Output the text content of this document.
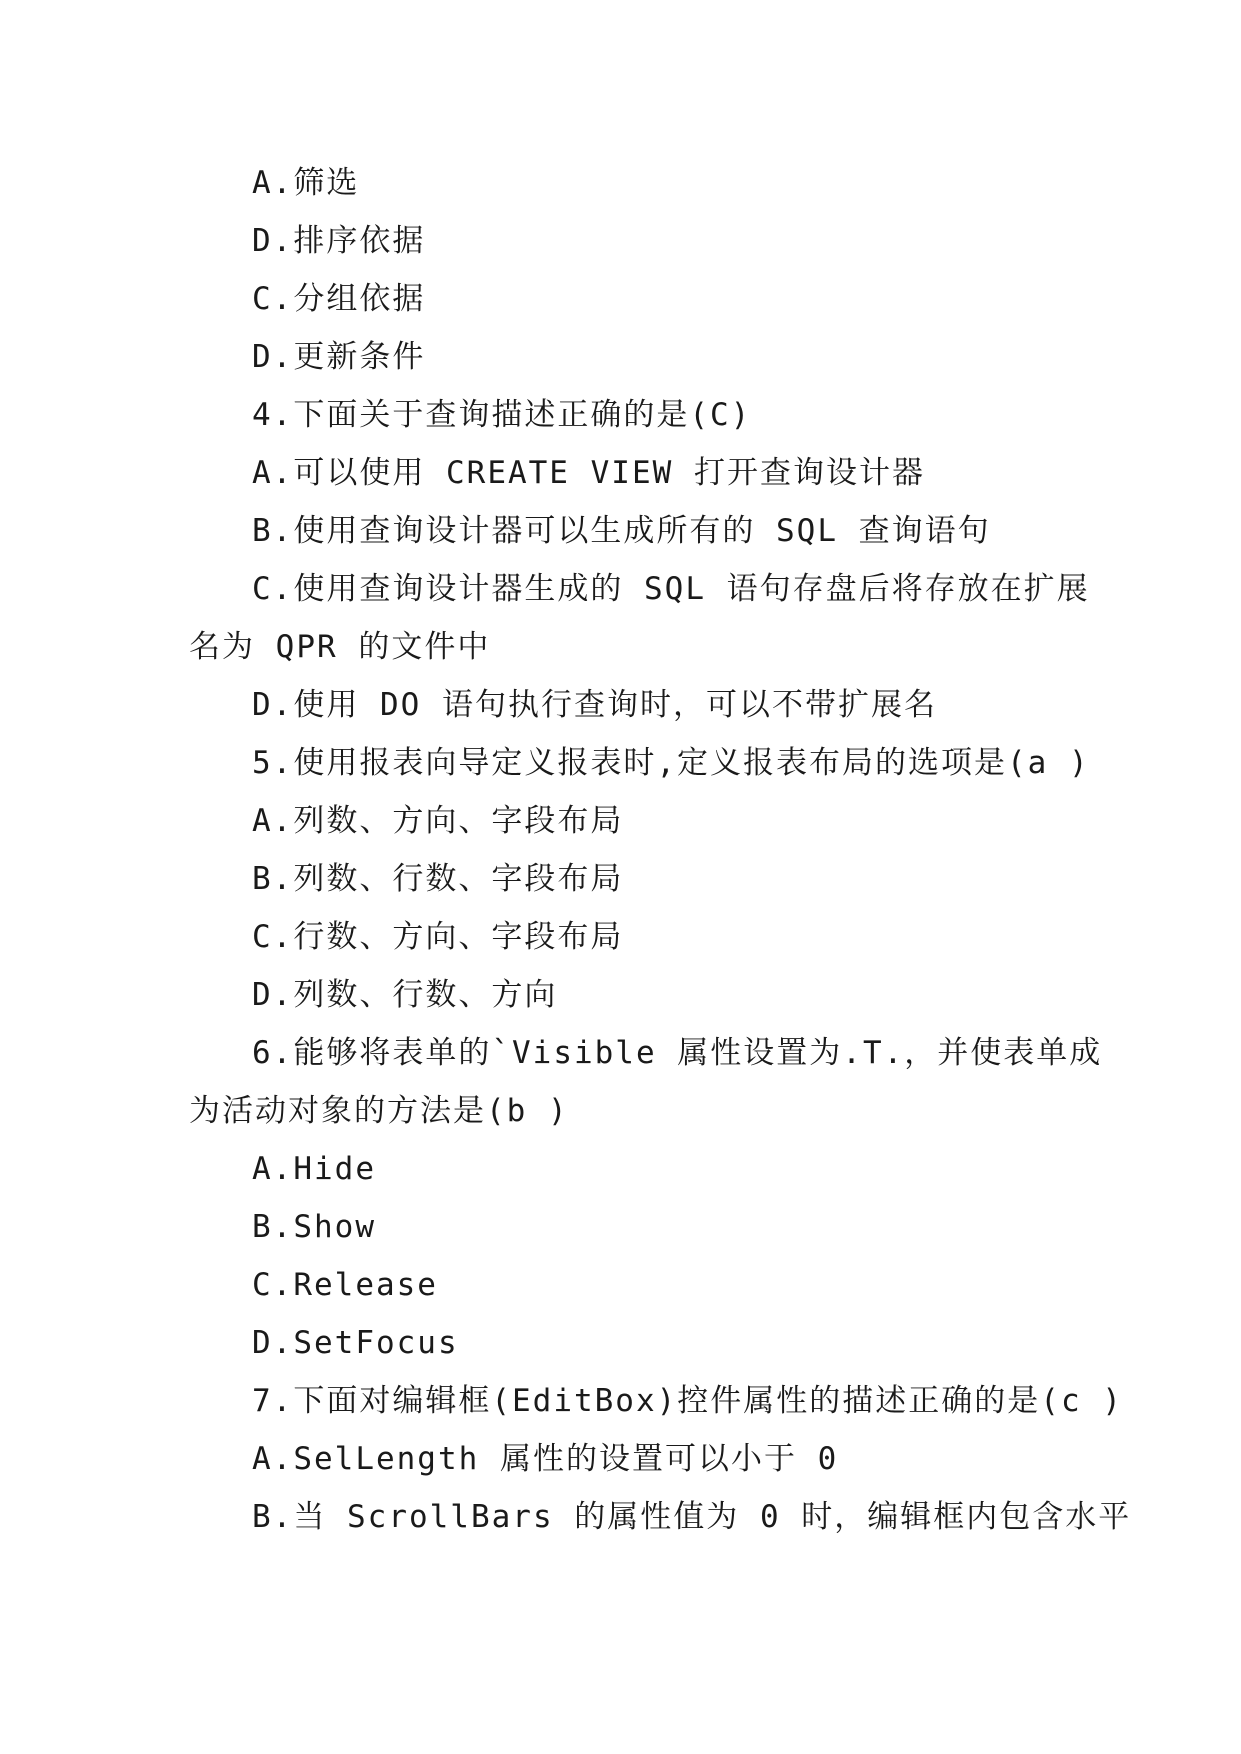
A.筛选
D.排序依据
C.分组依据
D.更新条件
4.下面关于查询描述正确的是(C)
A.可以使用 CREATE VIEW 打开查询设计器
B.使用查询设计器可以生成所有的 SQL 查询语句
C.使用查询设计器生成的 SQL 语句存盘后将存放在扩展
名为 QPR 的文件中
D.使用 DO 语句执行查询时，可以不带扩展名
5.使用报表向导定义报表时,定义报表布局的选项是(a )
A.列数、方向、字段布局
B.列数、行数、字段布局
C.行数、方向、字段布局
D.列数、行数、方向
6.能够将表单的`Visible 属性设置为.T.，并使表单成
为活动对象的方法是(b )
A.Hide
B.Show
C.Release
D.SetFocus
7.下面对编辑框(EditBox)控件属性的描述正确的是(c )
A.SelLength 属性的设置可以小于 0
B.当 ScrollBars 的属性值为 0 时，编辑框内包含水平
